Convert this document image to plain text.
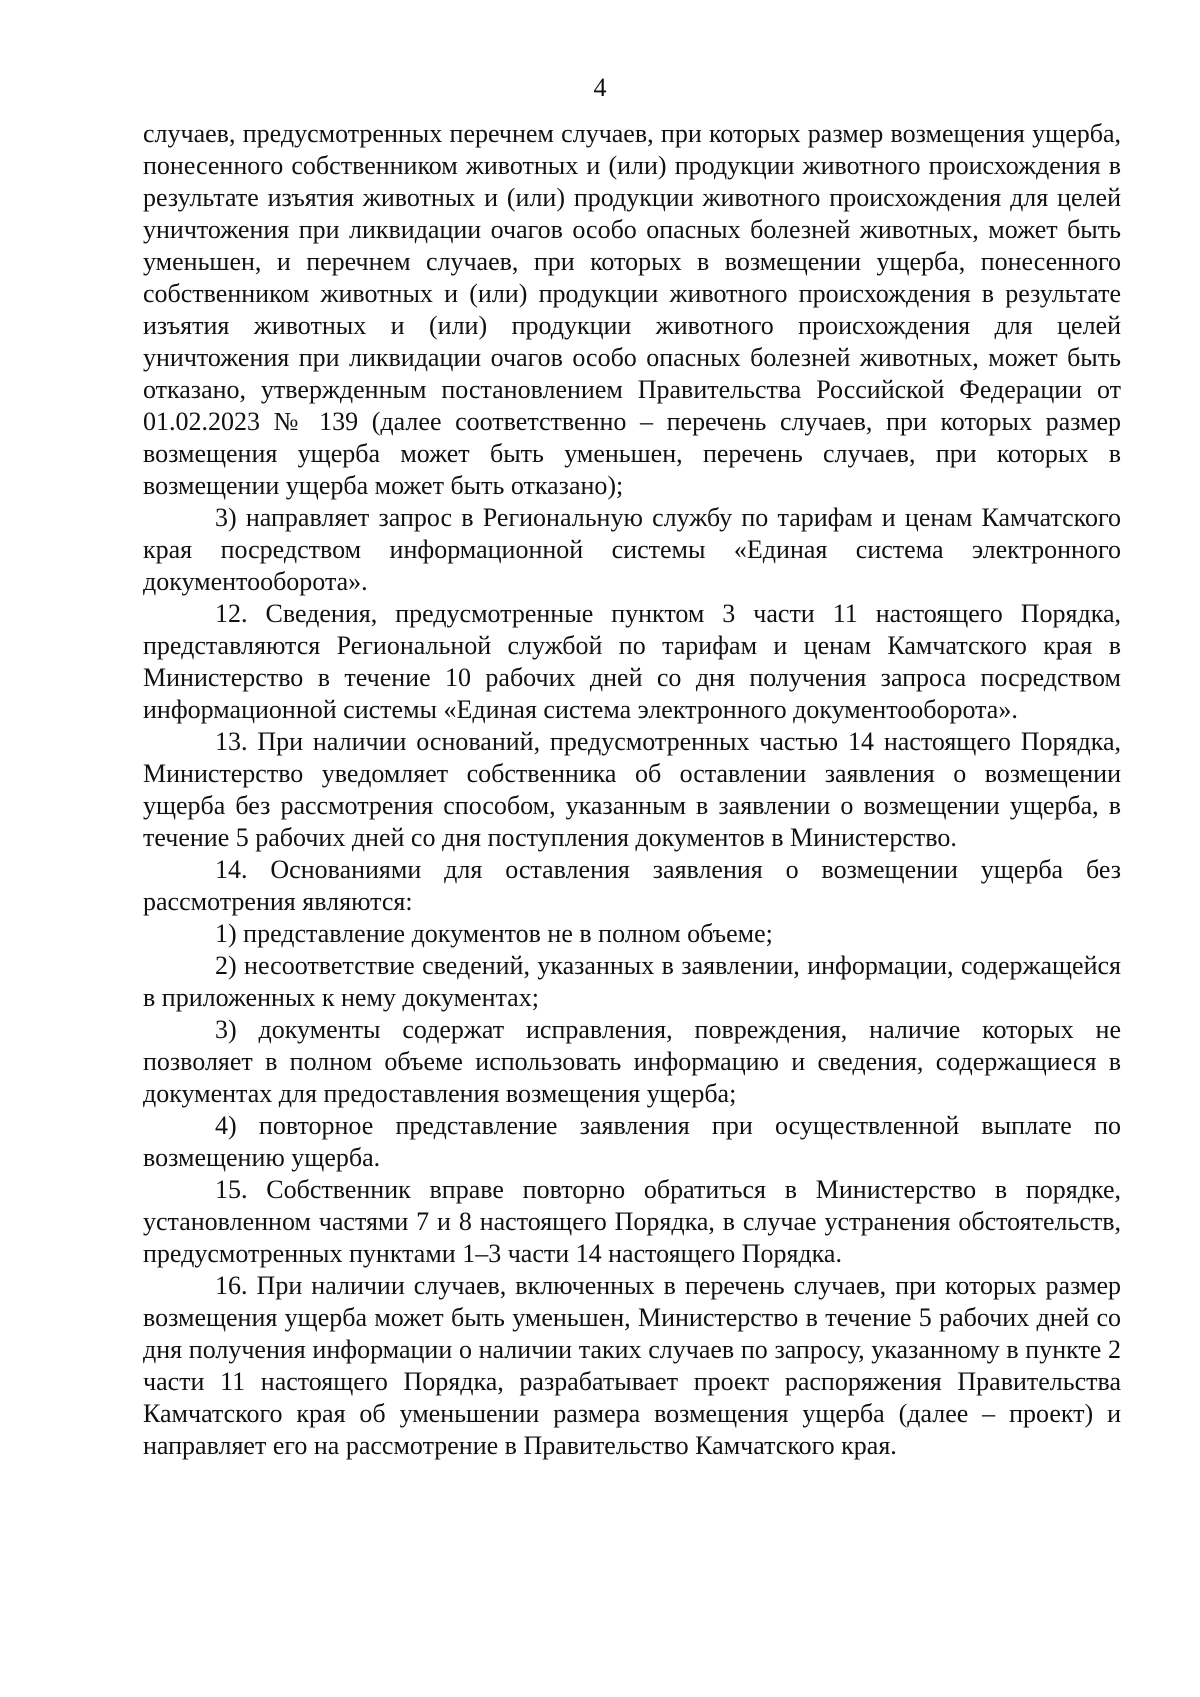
4

случаев, предусмотренных перечнем случаев, при которых размер возмещения ущерба, понесенного собственником животных и (или) продукции животного происхождения в результате изъятия животных и (или) продукции животного происхождения для целей уничтожения при ликвидации очагов особо опасных болезней животных, может быть уменьшен, и перечнем случаев, при которых в возмещении ущерба, понесенного собственником животных и (или) продукции животного происхождения в результате изъятия животных и (или) продукции животного происхождения для целей уничтожения при ликвидации очагов особо опасных болезней животных, может быть отказано, утвержденным постановлением Правительства Российской Федерации от 01.02.2023 № 139 (далее соответственно – перечень случаев, при которых размер возмещения ущерба может быть уменьшен, перечень случаев, при которых в возмещении ущерба может быть отказано);

3) направляет запрос в Региональную службу по тарифам и ценам Камчатского края посредством информационной системы «Единая система электронного документооборота».

12. Сведения, предусмотренные пунктом 3 части 11 настоящего Порядка, представляются Региональной службой по тарифам и ценам Камчатского края в Министерство в течение 10 рабочих дней со дня получения запроса посредством информационной системы «Единая система электронного документооборота».

13. При наличии оснований, предусмотренных частью 14 настоящего Порядка, Министерство уведомляет собственника об оставлении заявления о возмещении ущерба без рассмотрения способом, указанным в заявлении о возмещении ущерба, в течение 5 рабочих дней со дня поступления документов в Министерство.

14. Основаниями для оставления заявления о возмещении ущерба без рассмотрения являются:

1) представление документов не в полном объеме;

2) несоответствие сведений, указанных в заявлении, информации, содержащейся в приложенных к нему документах;

3) документы содержат исправления, повреждения, наличие которых не позволяет в полном объеме использовать информацию и сведения, содержащиеся в документах для предоставления возмещения ущерба;

4) повторное представление заявления при осуществленной выплате по возмещению ущерба.

15. Собственник вправе повторно обратиться в Министерство в порядке, установленном частями 7 и 8 настоящего Порядка, в случае устранения обстоятельств, предусмотренных пунктами 1–3 части 14 настоящего Порядка.

16. При наличии случаев, включенных в перечень случаев, при которых размер возмещения ущерба может быть уменьшен, Министерство в течение 5 рабочих дней со дня получения информации о наличии таких случаев по запросу, указанному в пункте 2 части 11 настоящего Порядка, разрабатывает проект распоряжения Правительства Камчатского края об уменьшении размера возмещения ущерба (далее – проект) и направляет его на рассмотрение в Правительство Камчатского края.
